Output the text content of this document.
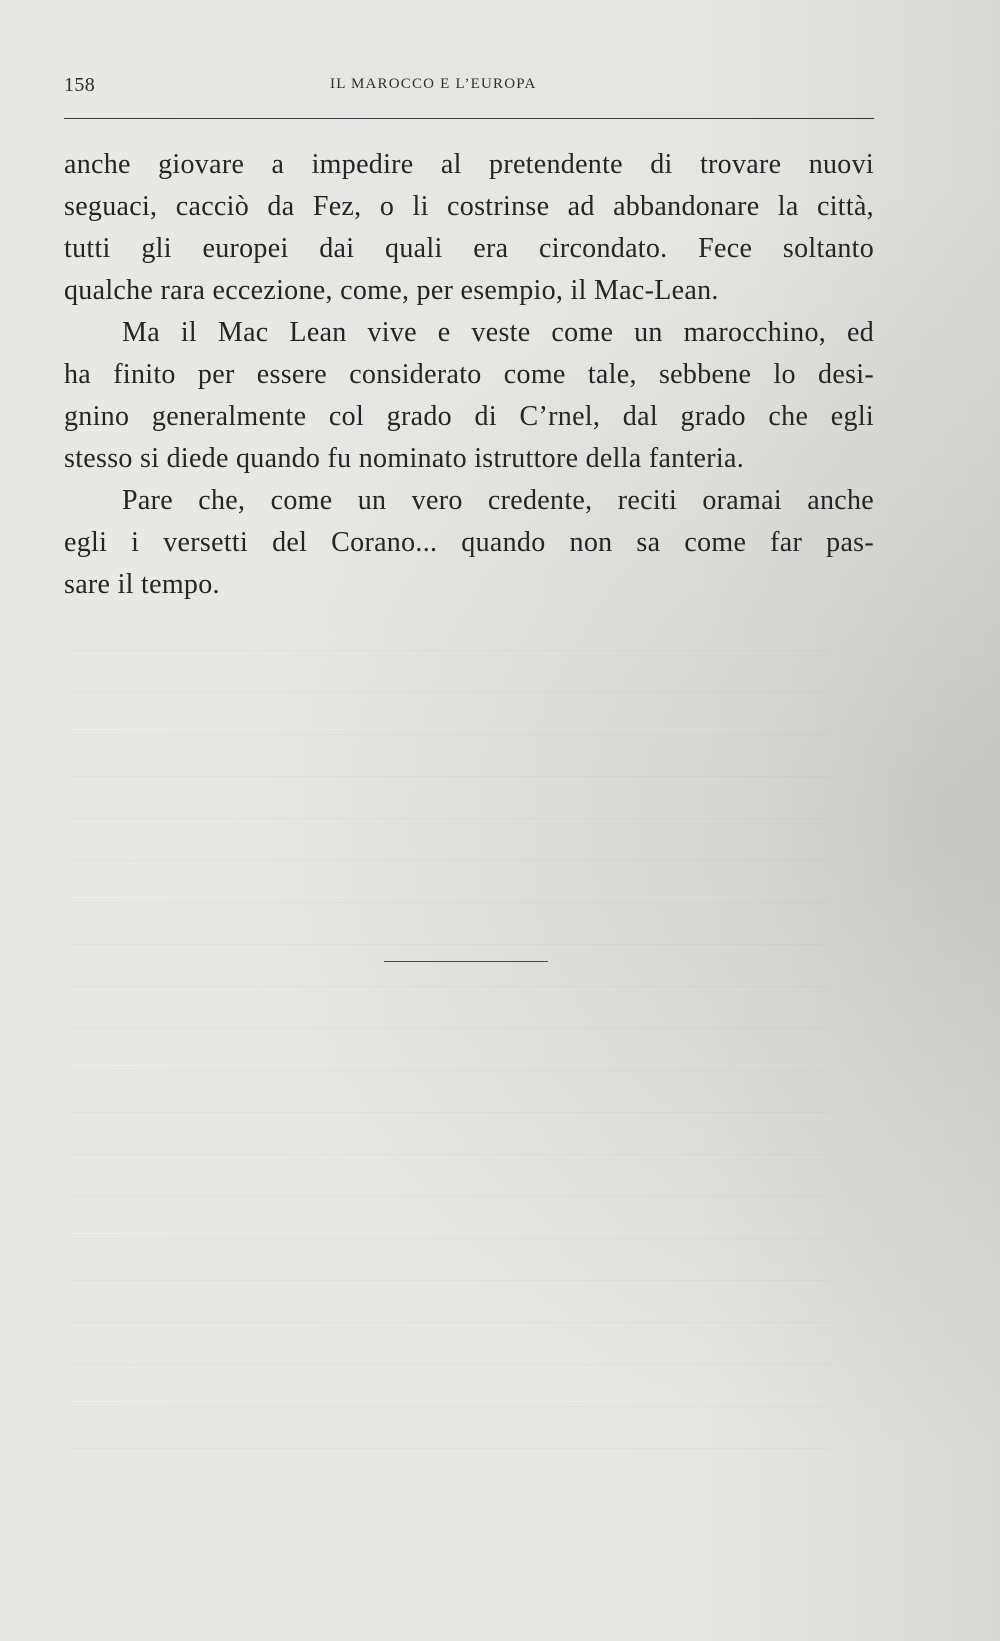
158	IL MAROCCO E L’EUROPA
anche giovare a impedire al pretendente di trovare nuovi
seguaci, cacciò da Fez, o li costrinse ad abbandonare la città,
tutti gli europei dai quali era circondato. Fece soltanto
qualche rara eccezione, come, per esempio, il Mac-Lean.
Ma il Mac Lean vive e veste come un marocchino, ed
ha finito per essere considerato come tale, sebbene lo desi-
gnino generalmente col grado di C’rnel, dal grado che egli
stesso si diede quando fu nominato istruttore della fanteria.
Pare che, come un vero credente, reciti oramai anche
egli i versetti del Corano... quando non sa come far pas-
sare il tempo.
